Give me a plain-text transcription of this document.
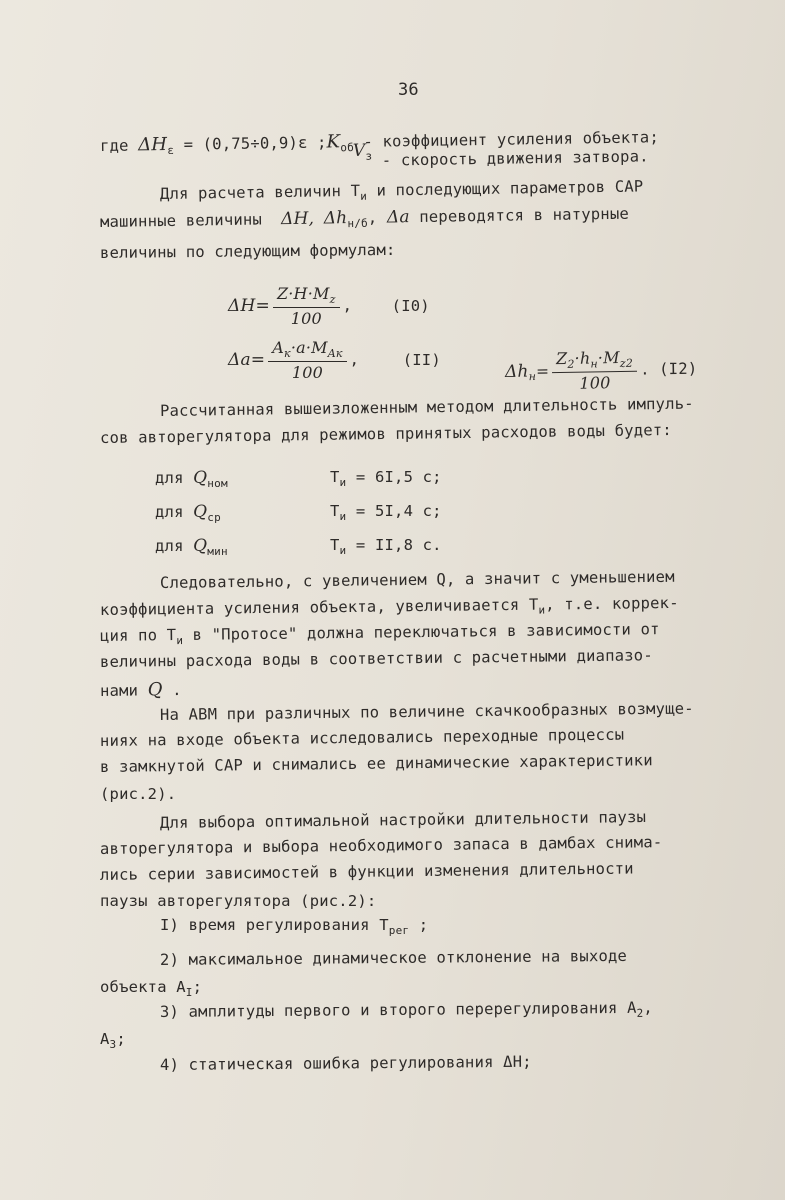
36
где $\Delta H_\varepsilon = (0,75\div 0,9)\varepsilon$ $;K_{об}$ - коэффициент усиления объекта;
$V^з$ - скорость движения затвора.
Для расчета величин $T_и$ и последующих параметров САР
машинные величины ΔH, $\Delta h_{н/б}$, Δa переводятся в натурные
величины по следующим формулам:
$\Delta H= \frac{Z\cdot H\cdot M_z}{100}$ , (I0)
$\Delta a= \frac{A_к\cdot a\cdot M_{Aк}}{100}$ , (II)
$\Delta h_н= \frac{Z_2\cdot h_н\cdot M_{z2}}{100}$ . (I2)
Рассчитанная вышеизложенным методом длительность импуль-
сов авторегулятора для режимов принятых расходов воды будет:
для $Q_{ном}$	$T_и = 6I,5$ c;
для $Q_{ср}$	$T_и = 5I,4$ c;
для $Q_{мин}$	$T_и = II,8$ c.
Следовательно, с увеличением Q, а значит с уменьшением
коэффициента усиления объекта, увеличивается $T_и$, т.е. коррек-
ция по $T_и$ в "Протосе" должна переключаться в зависимости от
величины расхода воды в соответствии с расчетными диапазо-
нами Q .
На АВМ при различных по величине скачкообразных возмуще-
ниях на входе объекта исследовались переходные процессы
в замкнутой САР и снимались ее динамические характеристики
(рис.2).
Для выбора оптимальной настройки длительности паузы
авторегулятора и выбора необходимого запаса в дамбах снима-
лись серии зависимостей в функции изменения длительности
паузы авторегулятора (рис.2):
I) время регулирования $T_{рег}$ ;
2) максимальное динамическое отклонение на выходе
объекта $A_I$;
3) амплитуды первого и второго перерегулирования $A_2$,
$A_3$;
4) статическая ошибка регулирования ΔH;
